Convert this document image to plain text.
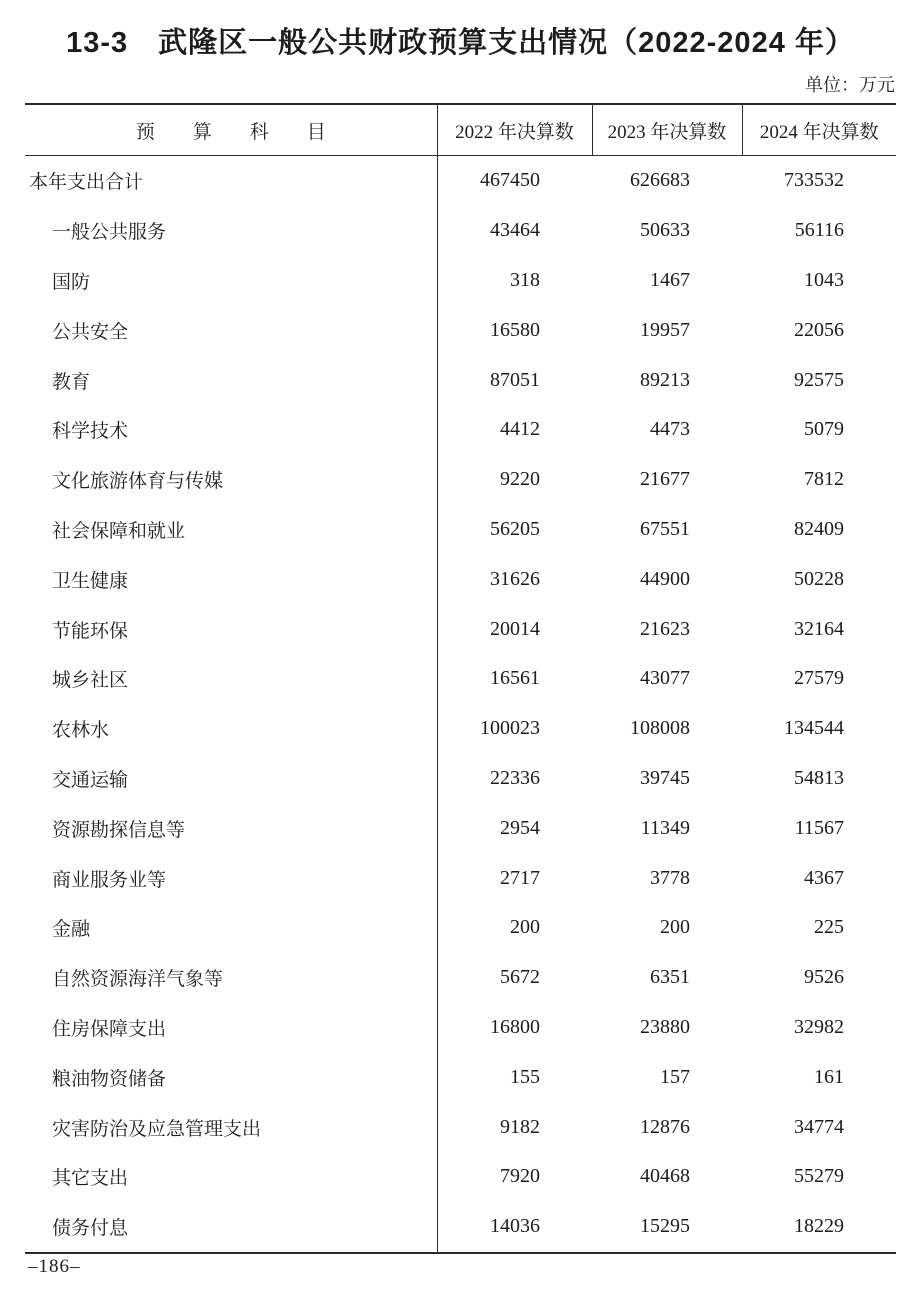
13-3　武隆区一般公共财政预算支出情况（2022-2024 年）
单位：万元
预算科目	2022 年决算数	2023 年决算数	2024 年决算数
本年支出合计	467450	626683	733532
一般公共服务	43464	50633	56116
国防	318	1467	1043
公共安全	16580	19957	22056
教育	87051	89213	92575
科学技术	4412	4473	5079
文化旅游体育与传媒	9220	21677	7812
社会保障和就业	56205	67551	82409
卫生健康	31626	44900	50228
节能环保	20014	21623	32164
城乡社区	16561	43077	27579
农林水	100023	108008	134544
交通运输	22336	39745	54813
资源勘探信息等	2954	11349	11567
商业服务业等	2717	3778	4367
金融	200	200	225
自然资源海洋气象等	5672	6351	9526
住房保障支出	16800	23880	32982
粮油物资储备	155	157	161
灾害防治及应急管理支出	9182	12876	34774
其它支出	7920	40468	55279
债务付息	14036	15295	18229
–186–
